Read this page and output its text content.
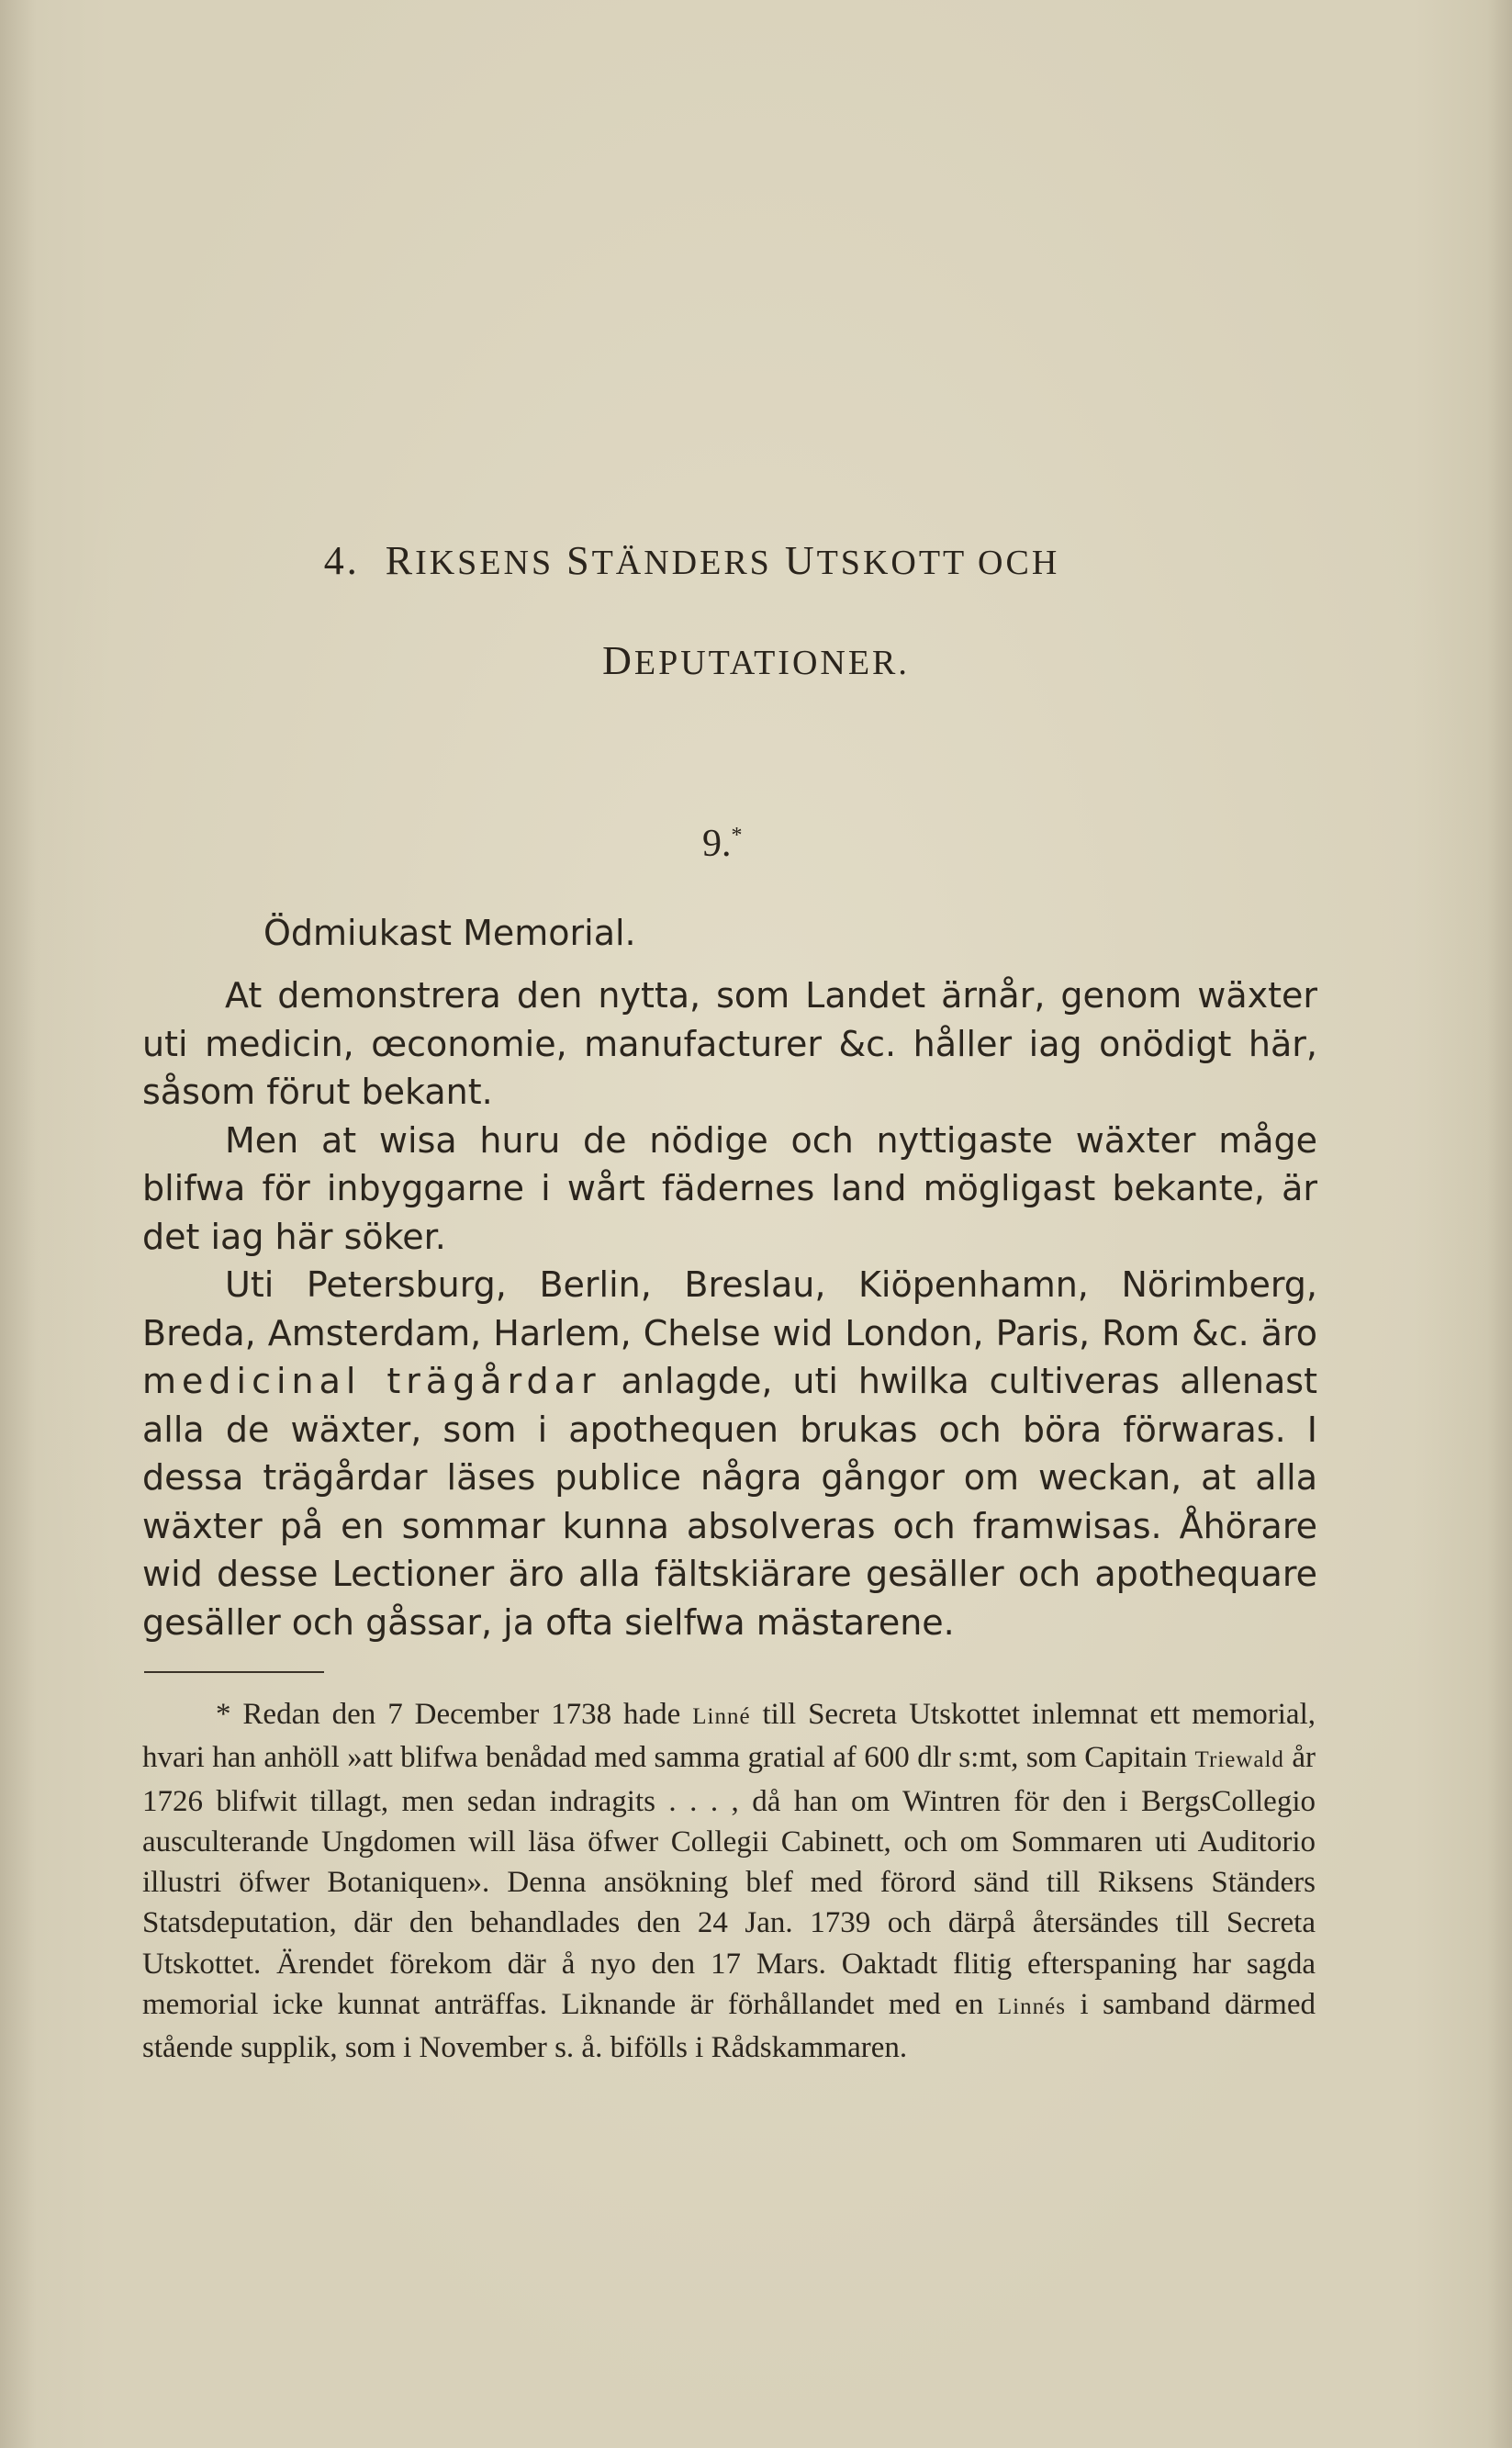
4. RIKSENS STÄNDERS UTSKOTT OCH
DEPUTATIONER.
9.*
Ödmiukast Memorial.

At demonstrera den nytta, som Landet ärnår, genom wäxter uti medicin, œconomie, manufacturer &c. håller iag onödigt här, såsom förut bekant.

Men at wisa huru de nödige och nyttigaste wäxter måge blifwa för inbyggarne i wårt fädernes land mögligast bekante, är det iag här söker.

Uti Petersburg, Berlin, Breslau, Kiöpenhamn, Nörimberg, Breda, Amsterdam, Harlem, Chelse wid London, Paris, Rom &c. äro medicinal trägårdar anlagde, uti hwilka cultiveras allenast alla de wäxter, som i apothequen brukas och böra förwaras. I dessa trägårdar läses publice några gångor om weckan, at alla wäxter på en sommar kunna absolveras och framwisas. Åhörare wid desse Lectioner äro alla fältskiärare gesäller och apothequare gesäller och gåssar, ja ofta sielfwa mästarene.

* Redan den 7 December 1738 hade Linné till Secreta Utskottet inlemnat ett memorial, hvari han anhöll »att blifwa benådad med samma gratial af 600 dlr s:mt, som Capitain Triewald år 1726 blifwit tillagt, men sedan indragits . . . , då han om Wintren för den i BergsCollegio ausculterande Ungdomen will läsa öfwer Collegii Cabinett, och om Sommaren uti Auditorio illustri öfwer Botaniquen». Denna ansökning blef med förord sänd till Riksens Ständers Statsdeputation, där den behandlades den 24 Jan. 1739 och därpå återsändes till Secreta Utskottet. Ärendet förekom där å nyo den 17 Mars. Oaktadt flitig efterspaning har sagda memorial icke kunnat anträffas. Liknande är förhållandet med en Linnés i samband därmed stående supplik, som i November s. å. bifölls i Rådskammaren.
